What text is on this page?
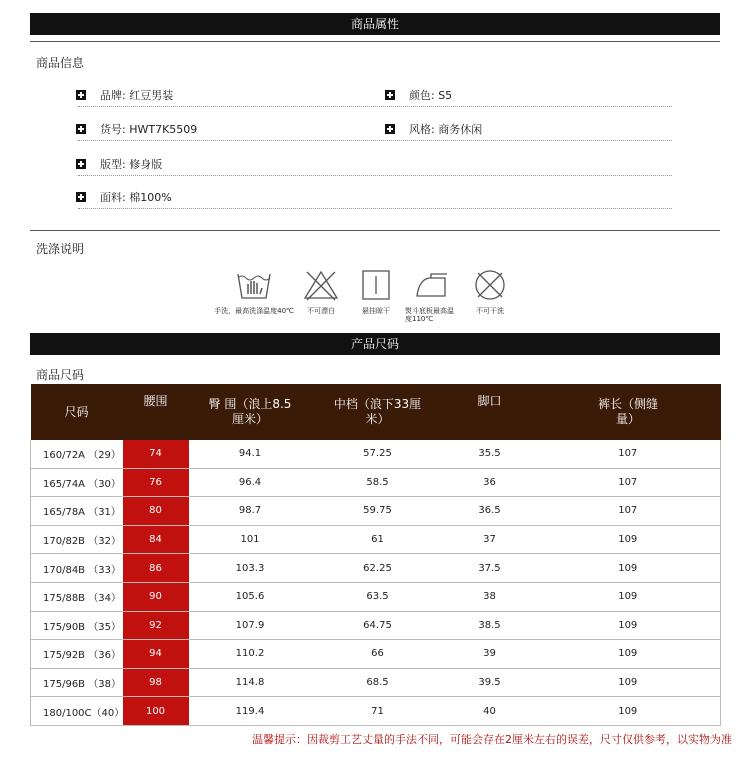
商品属性
商品信息
品牌: 红豆男装	颜色: S5
货号: HWT7K5509	风格: 商务休闲
版型: 修身版
面料: 棉100%
洗涤说明
手洗，最高洗涤温度40℃	不可漂白	悬挂晾干	熨斗底板最高温度110℃
不可干洗
产品尺码
商品尺码
尺码	腰围	臀 围（浪上8.5厘米）	中档（浪下33厘米）	脚口	裤长（侧缝量）
160/72A （29）	74	94.1	57.25	35.5	107
165/74A （30）	76	96.4	58.5	36	107
165/78A （31）	80	98.7	59.75	36.5	107
170/82B （32）	84	101	61	37	109
170/84B （33）	86	103.3	62.25	37.5	109
175/88B （34）	90	105.6	63.5	38	109
175/90B （35）	92	107.9	64.75	38.5	109
175/92B （36）	94	110.2	66	39	109
175/96B （38）	98	114.8	68.5	39.5	109
180/100C（40）	100	119.4	71	40	109
温馨提示：因裁剪工艺丈量的手法不同，可能会存在2厘米左右的误差，尺寸仅供参考，以实物为准
